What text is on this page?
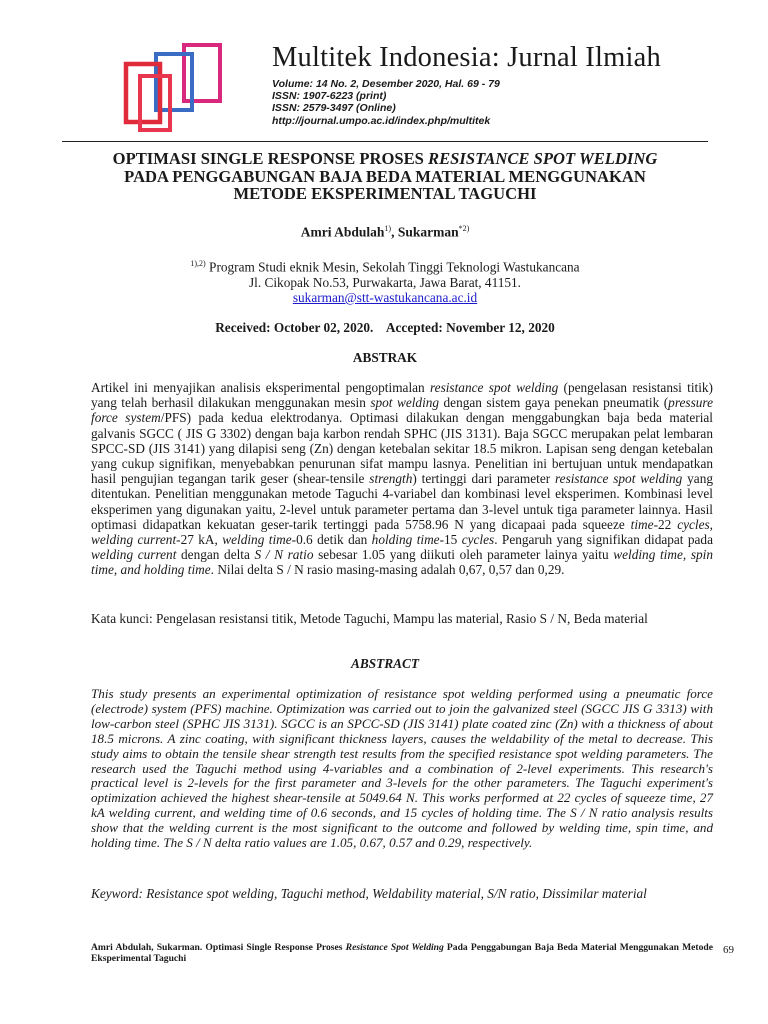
Multitek Indonesia: Jurnal Ilmiah
Volume: 14 No. 2, Desember 2020, Hal. 69 - 79
ISSN: 1907-6223 (print)
ISSN: 2579-3497 (Online)
http://journal.umpo.ac.id/index.php/multitek
OPTIMASI SINGLE RESPONSE PROSES RESISTANCE SPOT WELDING
PADA PENGGABUNGAN BAJA BEDA MATERIAL MENGGUNAKAN
METODE EKSPERIMENTAL TAGUCHI
Amri Abdulah$^{1)}$, Sukarman$^{*2)}$
$^{1),2)}$ Program Studi eknik Mesin, Sekolah Tinggi Teknologi Wastukancana
Jl. Cikopak No.53, Purwakarta, Jawa Barat, 41151.
sukarman@stt-wastukancana.ac.id
Received: October 02, 2020.    Accepted: November 12, 2020
ABSTRAK
Artikel ini menyajikan analisis eksperimental pengoptimalan resistance spot welding (pengelasan resistansi titik) yang telah berhasil dilakukan menggunakan mesin spot welding dengan sistem gaya penekan pneumatik (pressure force system/PFS) pada kedua elektrodanya. Optimasi dilakukan dengan menggabungkan baja beda material galvanis SGCC ( JIS G 3302) dengan baja karbon rendah SPHC (JIS 3131). Baja SGCC merupakan pelat lembaran SPCC-SD (JIS 3141) yang dilapisi seng (Zn) dengan ketebalan sekitar 18.5 mikron. Lapisan seng dengan ketebalan yang cukup signifikan, menyebabkan penurunan sifat mampu lasnya. Penelitian ini bertujuan untuk mendapatkan hasil pengujian tegangan tarik geser (shear-tensile strength) tertinggi dari parameter resistance spot welding yang ditentukan. Penelitian menggunakan metode Taguchi 4-variabel dan kombinasi level eksperimen. Kombinasi level eksperimen yang digunakan yaitu, 2-level untuk parameter pertama dan 3-level untuk tiga parameter lainnya. Hasil optimasi didapatkan kekuatan geser-tarik tertinggi pada 5758.96 N yang dicapaai pada squeeze time-22 cycles, welding current-27 kA, welding time-0.6 detik dan holding time-15 cycles. Pengaruh yang signifikan didapat pada welding current dengan delta S / N ratio sebesar 1.05 yang diikuti oleh parameter lainya yaitu welding time, spin time, and holding time. Nilai delta S / N rasio masing-masing adalah 0,67, 0,57 dan 0,29.
Kata kunci: Pengelasan resistansi titik, Metode Taguchi, Mampu las material, Rasio S / N, Beda material
ABSTRACT
This study presents an experimental optimization of resistance spot welding performed using a pneumatic force (electrode) system (PFS) machine. Optimization was carried out to join the galvanized steel (SGCC JIS G 3313) with low-carbon steel (SPHC JIS 3131). SGCC is an SPCC-SD (JIS 3141) plate coated zinc (Zn) with a thickness of about 18.5 microns. A zinc coating, with significant thickness layers, causes the weldability of the metal to decrease. This study aims to obtain the tensile shear strength test results from the specified resistance spot welding parameters. The research used the Taguchi method using 4-variables and a combination of 2-level experiments. This research's practical level is 2-levels for the first parameter and 3-levels for the other parameters. The Taguchi experiment's optimization achieved the highest shear-tensile at 5049.64 N. This works performed at 22 cycles of squeeze time, 27 kA welding current, and welding time of 0.6 seconds, and 15 cycles of holding time. The S / N ratio analysis results show that the welding current is the most significant to the outcome and followed by welding time, spin time, and holding time. The S / N delta ratio values are 1.05, 0.67, 0.57 and 0.29, respectively.
Keyword: Resistance spot welding, Taguchi method, Weldability material, S/N ratio, Dissimilar material
Amri Abdulah, Sukarman. Optimasi Single Response Proses Resistance Spot Welding Pada Penggabungan Baja Beda Material Menggunakan Metode Eksperimental Taguchi
69
